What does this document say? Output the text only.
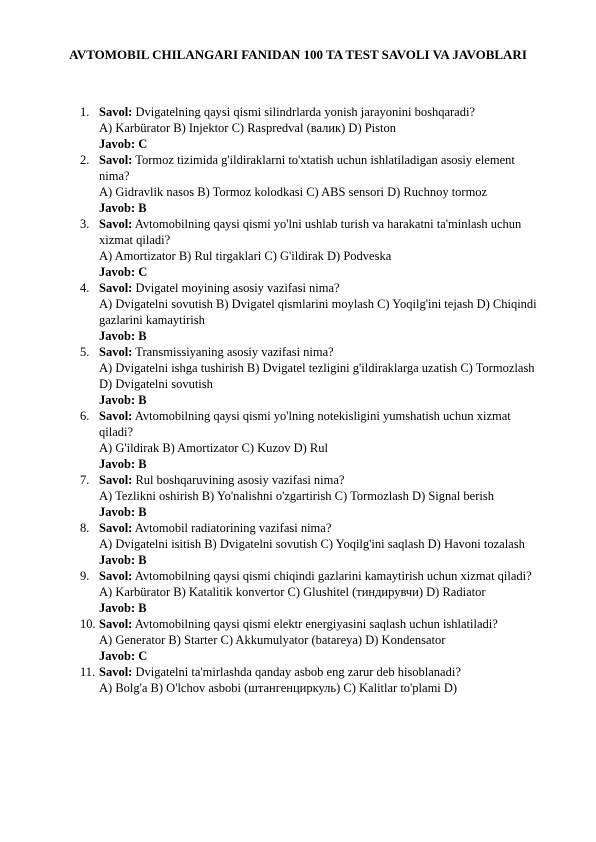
AVTOMOBIL CHILANGARI FANIDAN 100 TA TEST SAVOLI VA JAVOBLARI
1. Savol: Dvigatelning qaysi qismi silindrlarda yonish jarayonini boshqaradi?
A) Karbürator B) Injektor C) Raspredval (валик) D) Piston
Javob: C
2. Savol: Tormoz tizimida g'ildiraklarni to'xtatish uchun ishlatiladigan asosiy element nima?
A) Gidravlik nasos B) Tormoz kolodkasi C) ABS sensori D) Ruchnoy tormoz
Javob: B
3. Savol: Avtomobilning qaysi qismi yo'lni ushlab turish va harakatni ta'minlash uchun xizmat qiladi?
A) Amortizator B) Rul tirgaklari C) G'ildirak D) Podveska
Javob: C
4. Savol: Dvigatel moyining asosiy vazifasi nima?
A) Dvigatelni sovutish B) Dvigatel qismlarini moylash C) Yoqilg'ini tejash D) Chiqindi gazlarini kamaytirish
Javob: B
5. Savol: Transmissiyaning asosiy vazifasi nima?
A) Dvigatelni ishga tushirish B) Dvigatel tezligini g'ildiraklarga uzatish C) Tormozlash D) Dvigatelni sovutish
Javob: B
6. Savol: Avtomobilning qaysi qismi yo'lning notekisligini yumshatish uchun xizmat qiladi?
A) G'ildirak B) Amortizator C) Kuzov D) Rul
Javob: B
7. Savol: Rul boshqaruvining asosiy vazifasi nima?
A) Tezlikni oshirish B) Yo'nalishni o'zgartirish C) Tormozlash D) Signal berish
Javob: B
8. Savol: Avtomobil radiatorining vazifasi nima?
A) Dvigatelni isitish B) Dvigatelni sovutish C) Yoqilg'ini saqlash D) Havoni tozalash
Javob: B
9. Savol: Avtomobilning qaysi qismi chiqindi gazlarini kamaytirish uchun xizmat qiladi?
A) Karbürator B) Katalitik konvertor C) Glushitel (тиндирувчи) D) Radiator
Javob: B
10. Savol: Avtomobilning qaysi qismi elektr energiyasini saqlash uchun ishlatiladi?
A) Generator B) Starter C) Akkumulyator (batareya) D) Kondensator
Javob: C
11. Savol: Dvigatelni ta'mirlashda qanday asbob eng zarur deb hisoblanadi?
A) Bolg'a B) O'lchov asbobi (штангенциркуль) C) Kalitlar to'plami D)
